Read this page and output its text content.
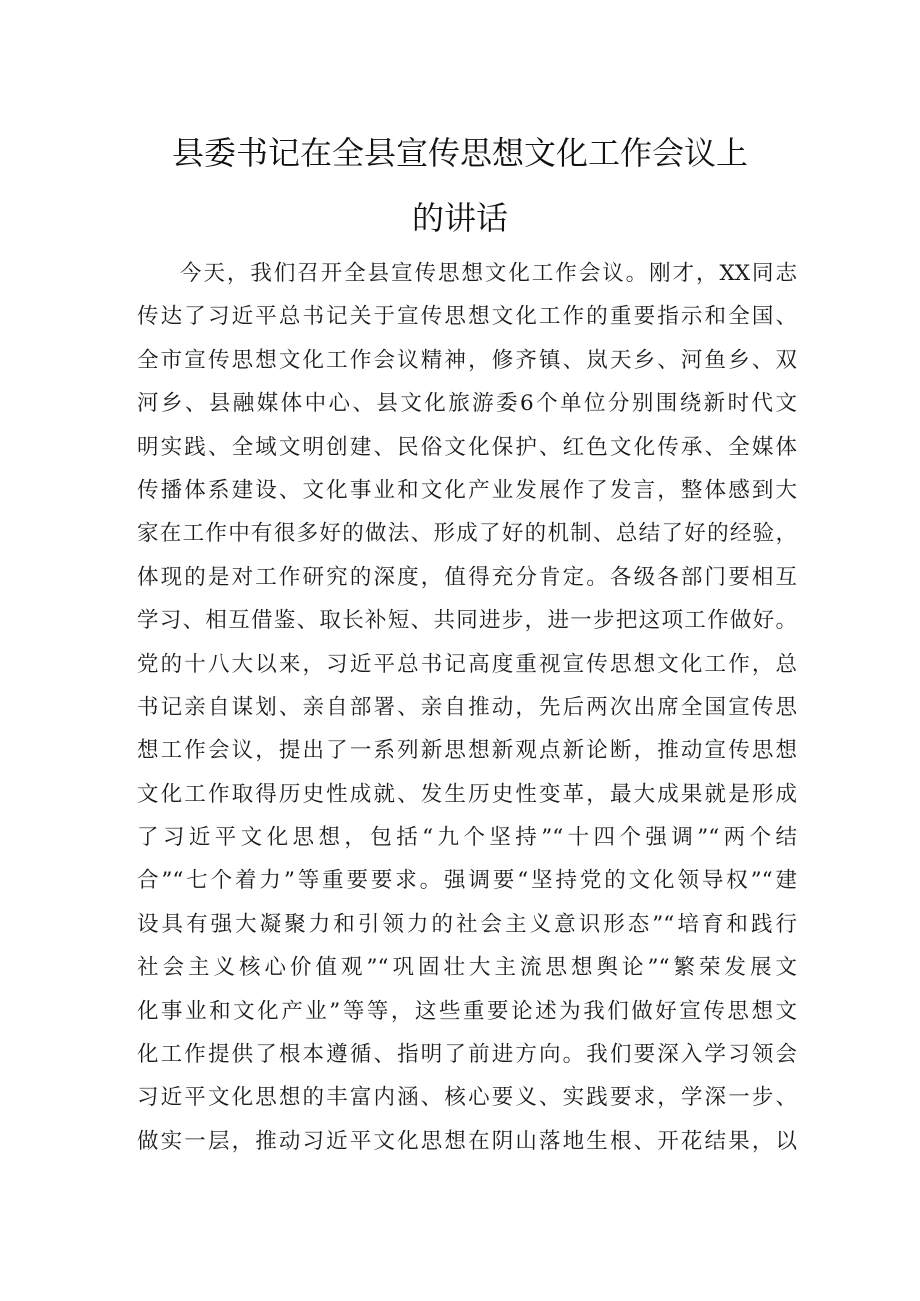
县委书记在全县宣传思想文化工作会议上
的讲话
今天，我们召开全县宣传思想文化工作会议。刚才，XX同志
传达了习近平总书记关于宣传思想文化工作的重要指示和全国、
全市宣传思想文化工作会议精神，修齐镇、岚天乡、河鱼乡、双
河乡、县融媒体中心、县文化旅游委6个单位分别围绕新时代文
明实践、全域文明创建、民俗文化保护、红色文化传承、全媒体
传播体系建设、文化事业和文化产业发展作了发言，整体感到大
家在工作中有很多好的做法、形成了好的机制、总结了好的经验，
体现的是对工作研究的深度，值得充分肯定。各级各部门要相互
学习、相互借鉴、取长补短、共同进步，进一步把这项工作做好。
党的十八大以来，习近平总书记高度重视宣传思想文化工作，总
书记亲自谋划、亲自部署、亲自推动，先后两次出席全国宣传思
想工作会议，提出了一系列新思想新观点新论断，推动宣传思想
文化工作取得历史性成就、发生历史性变革，最大成果就是形成
了习近平文化思想，包括“九个坚持”“十四个强调”“两个结
合”“七个着力”等重要要求。强调要“坚持党的文化领导权”“建
设具有强大凝聚力和引领力的社会主义意识形态”“培育和践行
社会主义核心价值观”“巩固壮大主流思想舆论”“繁荣发展文
化事业和文化产业”等等，这些重要论述为我们做好宣传思想文
化工作提供了根本遵循、指明了前进方向。我们要深入学习领会
习近平文化思想的丰富内涵、核心要义、实践要求，学深一步、
做实一层，推动习近平文化思想在阴山落地生根、开花结果，以
